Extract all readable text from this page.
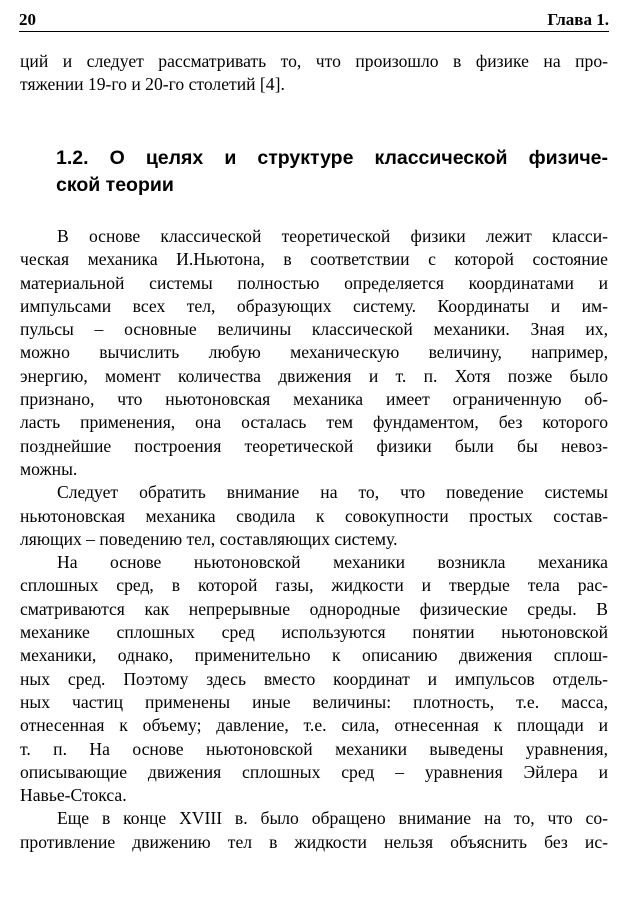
20	Глава 1.
ций и следует рассматривать то, что произошло в физике на про-
тяжении 19-го и 20-го столетий [4].
1.2. О целях и структуре классической физиче-
ской теории
В основе классической теоретической физики лежит класси-
ческая механика И.Ньютона, в соответствии с которой состояние
материальной системы полностью определяется координатами и
импульсами всех тел, образующих систему. Координаты и им-
пульсы – основные величины классической механики. Зная их,
можно вычислить любую механическую величину, например,
энергию, момент количества движения и т. п. Хотя позже было
признано, что ньютоновская механика имеет ограниченную об-
ласть применения, она осталась тем фундаментом, без которого
позднейшие построения теоретической физики были бы невоз-
можны.
Следует обратить внимание на то, что поведение системы
ньютоновская механика сводила к совокупности простых состав-
ляющих – поведению тел, составляющих систему.
На основе ньютоновской механики возникла механика
сплошных сред, в которой газы, жидкости и твердые тела рас-
сматриваются как непрерывные однородные физические среды. В
механике сплошных сред используются понятии ньютоновской
механики, однако, применительно к описанию движения сплош-
ных сред. Поэтому здесь вместо координат и импульсов отдель-
ных частиц применены иные величины: плотность, т.е. масса,
отнесенная к объему; давление, т.е. сила, отнесенная к площади и
т. п. На основе ньютоновской механики выведены уравнения,
описывающие движения сплошных сред – уравнения Эйлера и
Навье-Стокса.
Еще в конце XVIII в. было обращено внимание на то, что со-
противление движению тел в жидкости нельзя объяснить без ис-
